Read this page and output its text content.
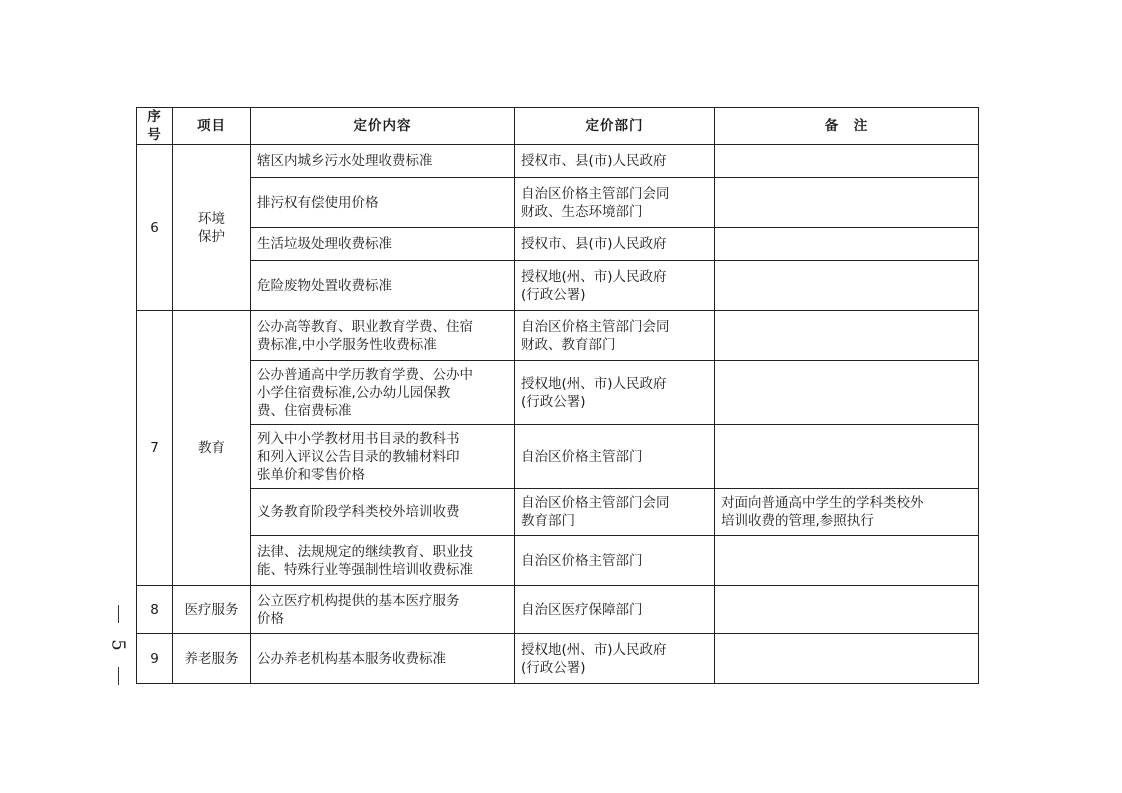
序号	项目	定价内容	定价部门	备　注
6	环境
保护	辖区内城乡污水处理收费标准	授权市、县(市)人民政府	
		排污权有偿使用价格	自治区价格主管部门会同
财政、生态环境部门	
		生活垃圾处理收费标准	授权市、县(市)人民政府	
		危险废物处置收费标准	授权地(州、市)人民政府
(行政公署)	
7	教育	公办高等教育、职业教育学费、住宿
费标准,中小学服务性收费标准	自治区价格主管部门会同
财政、教育部门	
		公办普通高中学历教育学费、公办中
小学住宿费标准,公办幼儿园保教
费、住宿费标准	授权地(州、市)人民政府
(行政公署)	
		列入中小学教材用书目录的教科书
和列入评议公告目录的教辅材料印
张单价和零售价格	自治区价格主管部门	
		义务教育阶段学科类校外培训收费	自治区价格主管部门会同
教育部门	对面向普通高中学生的学科类校外
培训收费的管理,参照执行
		法律、法规规定的继续教育、职业技
能、特殊行业等强制性培训收费标准	自治区价格主管部门	
8	医疗服务	公立医疗机构提供的基本医疗服务
价格	自治区医疗保障部门	
9	养老服务	公办养老机构基本服务收费标准	授权地(州、市)人民政府
(行政公署)	
5
